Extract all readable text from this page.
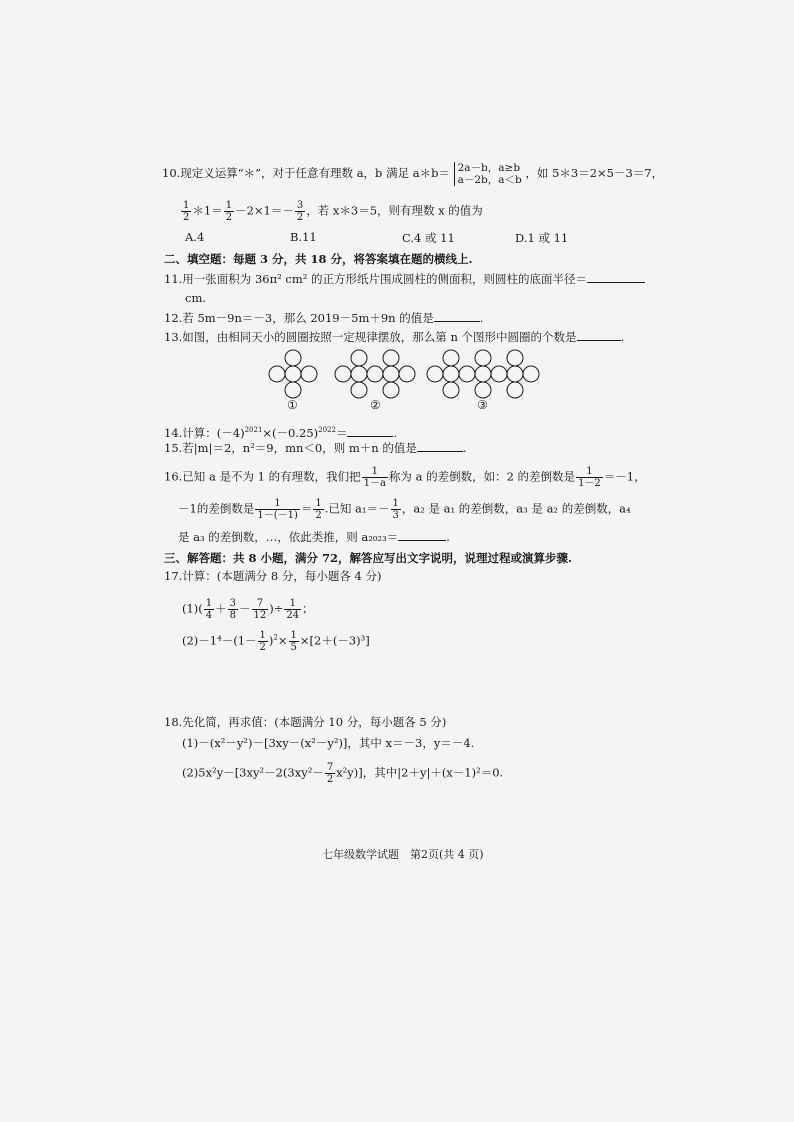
10.现定义运算“＊”，对于任意有理数 a，b 满足 a＊b＝ 2a－b，a≥b
a－2b，a＜b ，如 5＊3＝2×5－3＝7，
$\frac{1}{2}$ ＊1＝ $\frac{1}{2} -2\times 1=- \frac{3}{2}$ ，若 x＊3＝5，则有理数 x 的值为
A.4	B.11	C.4 或 11	D.1 或 11
二、填空题：每题 3 分，共 18 分，将答案填在题的横线上.
11.用一张面积为 36π² cm² 的正方形纸片围成圆柱的侧面积，则圆柱的底面半径＝
cm.
12.若 5m－9n＝－3，那么 2019－5m＋9n 的值是	.
13.如图，由相同天小的圆圈按照一定规律摆放，那么第 n 个图形中圆圈的个数是	.
①	②	③
14.计算：$(-4)^{2021}\times(-0.25)^{2022}=$	.
15.若|m|＝2，n²＝9，mn＜0，则 m＋n 的值是	.
16.已知 a 是不为 1 的有理数，我们把 $\frac{1}{1-a}$ 称为 a 的差倒数，如：2 的差倒数是 $\frac{1}{1-2} =-1$，
－1的差倒数是 $\frac{1}{1-(-1)} = \frac{1}{2}$ .已知 $a_1=- \frac{1}{3}$ ，a₂ 是 a₁ 的差倒数，a₃ 是 a₂ 的差倒数，a₄
是 a₃ 的差倒数，…，依此类推，则 a₂₀₂₃＝	.
三、解答题：共 8 小题，满分 72，解答应写出文字说明，说理过程或演算步骤.
17.计算：(本题满分 8 分，每小题各 4 分)
$(1)( \frac{1}{4} + \frac{3}{8} - \frac{7}{12}$ )÷ $\frac{1}{24}$ ；
$(2)-1^4-(1- \frac{1}{2} )^2\times \frac{1}{5} \times[2+(-3)^3]$
18.先化简，再求值：(本题满分 10 分，每小题各 5 分)
(1)－(x²－y²)－[3xy－(x²－y²)]，其中 x＝－3，y＝－4.
$(2)5x^2y-[3xy^2-2(3xy^2- \frac{7}{2} x^2y)]$，其中|2＋y|＋(x－1)²＝0.
七年级数学试题　第2页(共 4 页)
